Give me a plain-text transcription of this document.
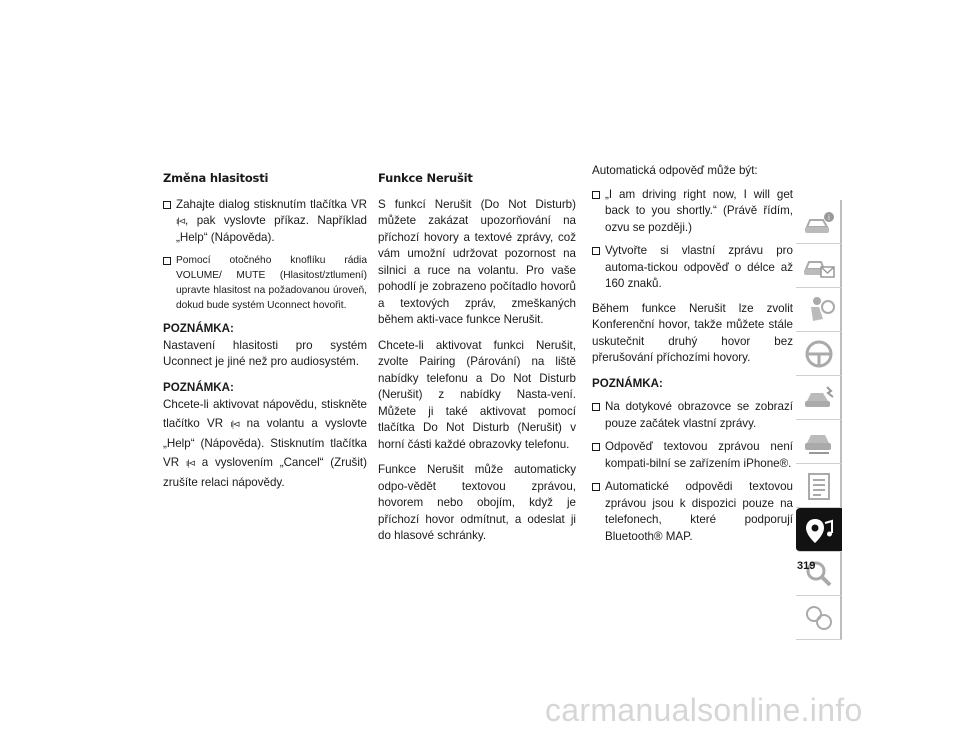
Změna hlasitosti
Zahajte dialog stisknutím tlačítka VR ıļ⊲, pak vyslovte příkaz. Například „Help“ (Nápověda).
Pomocí otočného knoflíku rádia VOLUME/ MUTE (Hlasitost/ztlumení) upravte hlasitost na požadovanou úroveň, dokud bude systém Uconnect hovořit.

POZNÁMKA:
Nastavení hlasitosti pro systém Uconnect je jiné než pro audiosystém.

POZNÁMKA:
Chcete-li aktivovat nápovědu, stiskněte tlačítko VR ıļ⊲ na volantu a vyslovte „Help“ (Nápověda). Stisknutím tlačítka VR ıļ⊲ a vyslovením „Cancel“ (Zrušit) zrušíte relaci nápovědy.

Funkce Nerušit

S funkcí Nerušit (Do Not Disturb) můžete zakázat upozorňování na příchozí hovory a textové zprávy, což vám umožní udržovat pozornost na silnici a ruce na volantu. Pro vaše pohodlí je zobrazeno počítadlo hovorů a textových zpráv, zmeškaných během akti-vace funkce Nerušit.

Chcete-li aktivovat funkci Nerušit, zvolte Pairing (Párování) na liště nabídky telefonu a Do Not Disturb (Nerušit) z nabídky Nasta-vení. Můžete ji také aktivovat pomocí tlačítka Do Not Disturb (Nerušit) v horní části každé obrazovky telefonu.

Funkce Nerušit může automaticky odpo-vědět textovou zprávou, hovorem nebo obojím, když je příchozí hovor odmítnut, a odeslat ji do hlasové schránky.

Automatická odpověď může být:

„I am driving right now, I will get back to you shortly.“ (Právě řídím, ozvu se později.)
Vytvořte si vlastní zprávu pro automa-tickou odpověď o délce až 160 znaků.

Během funkce Nerušit lze zvolit Konferenční hovor, takže můžete stále uskutečnit druhý hovor bez přerušování příchozími hovory.

POZNÁMKA:

Na dotykové obrazovce se zobrazí pouze začátek vlastní zprávy.
Odpověď textovou zprávou není kompati-bilní se zařízením iPhone®.
Automatické odpovědi textovou zprávou jsou k dispozici pouze na telefonech, které podporují Bluetooth® MAP.
i
319
carmanualsonline.info
